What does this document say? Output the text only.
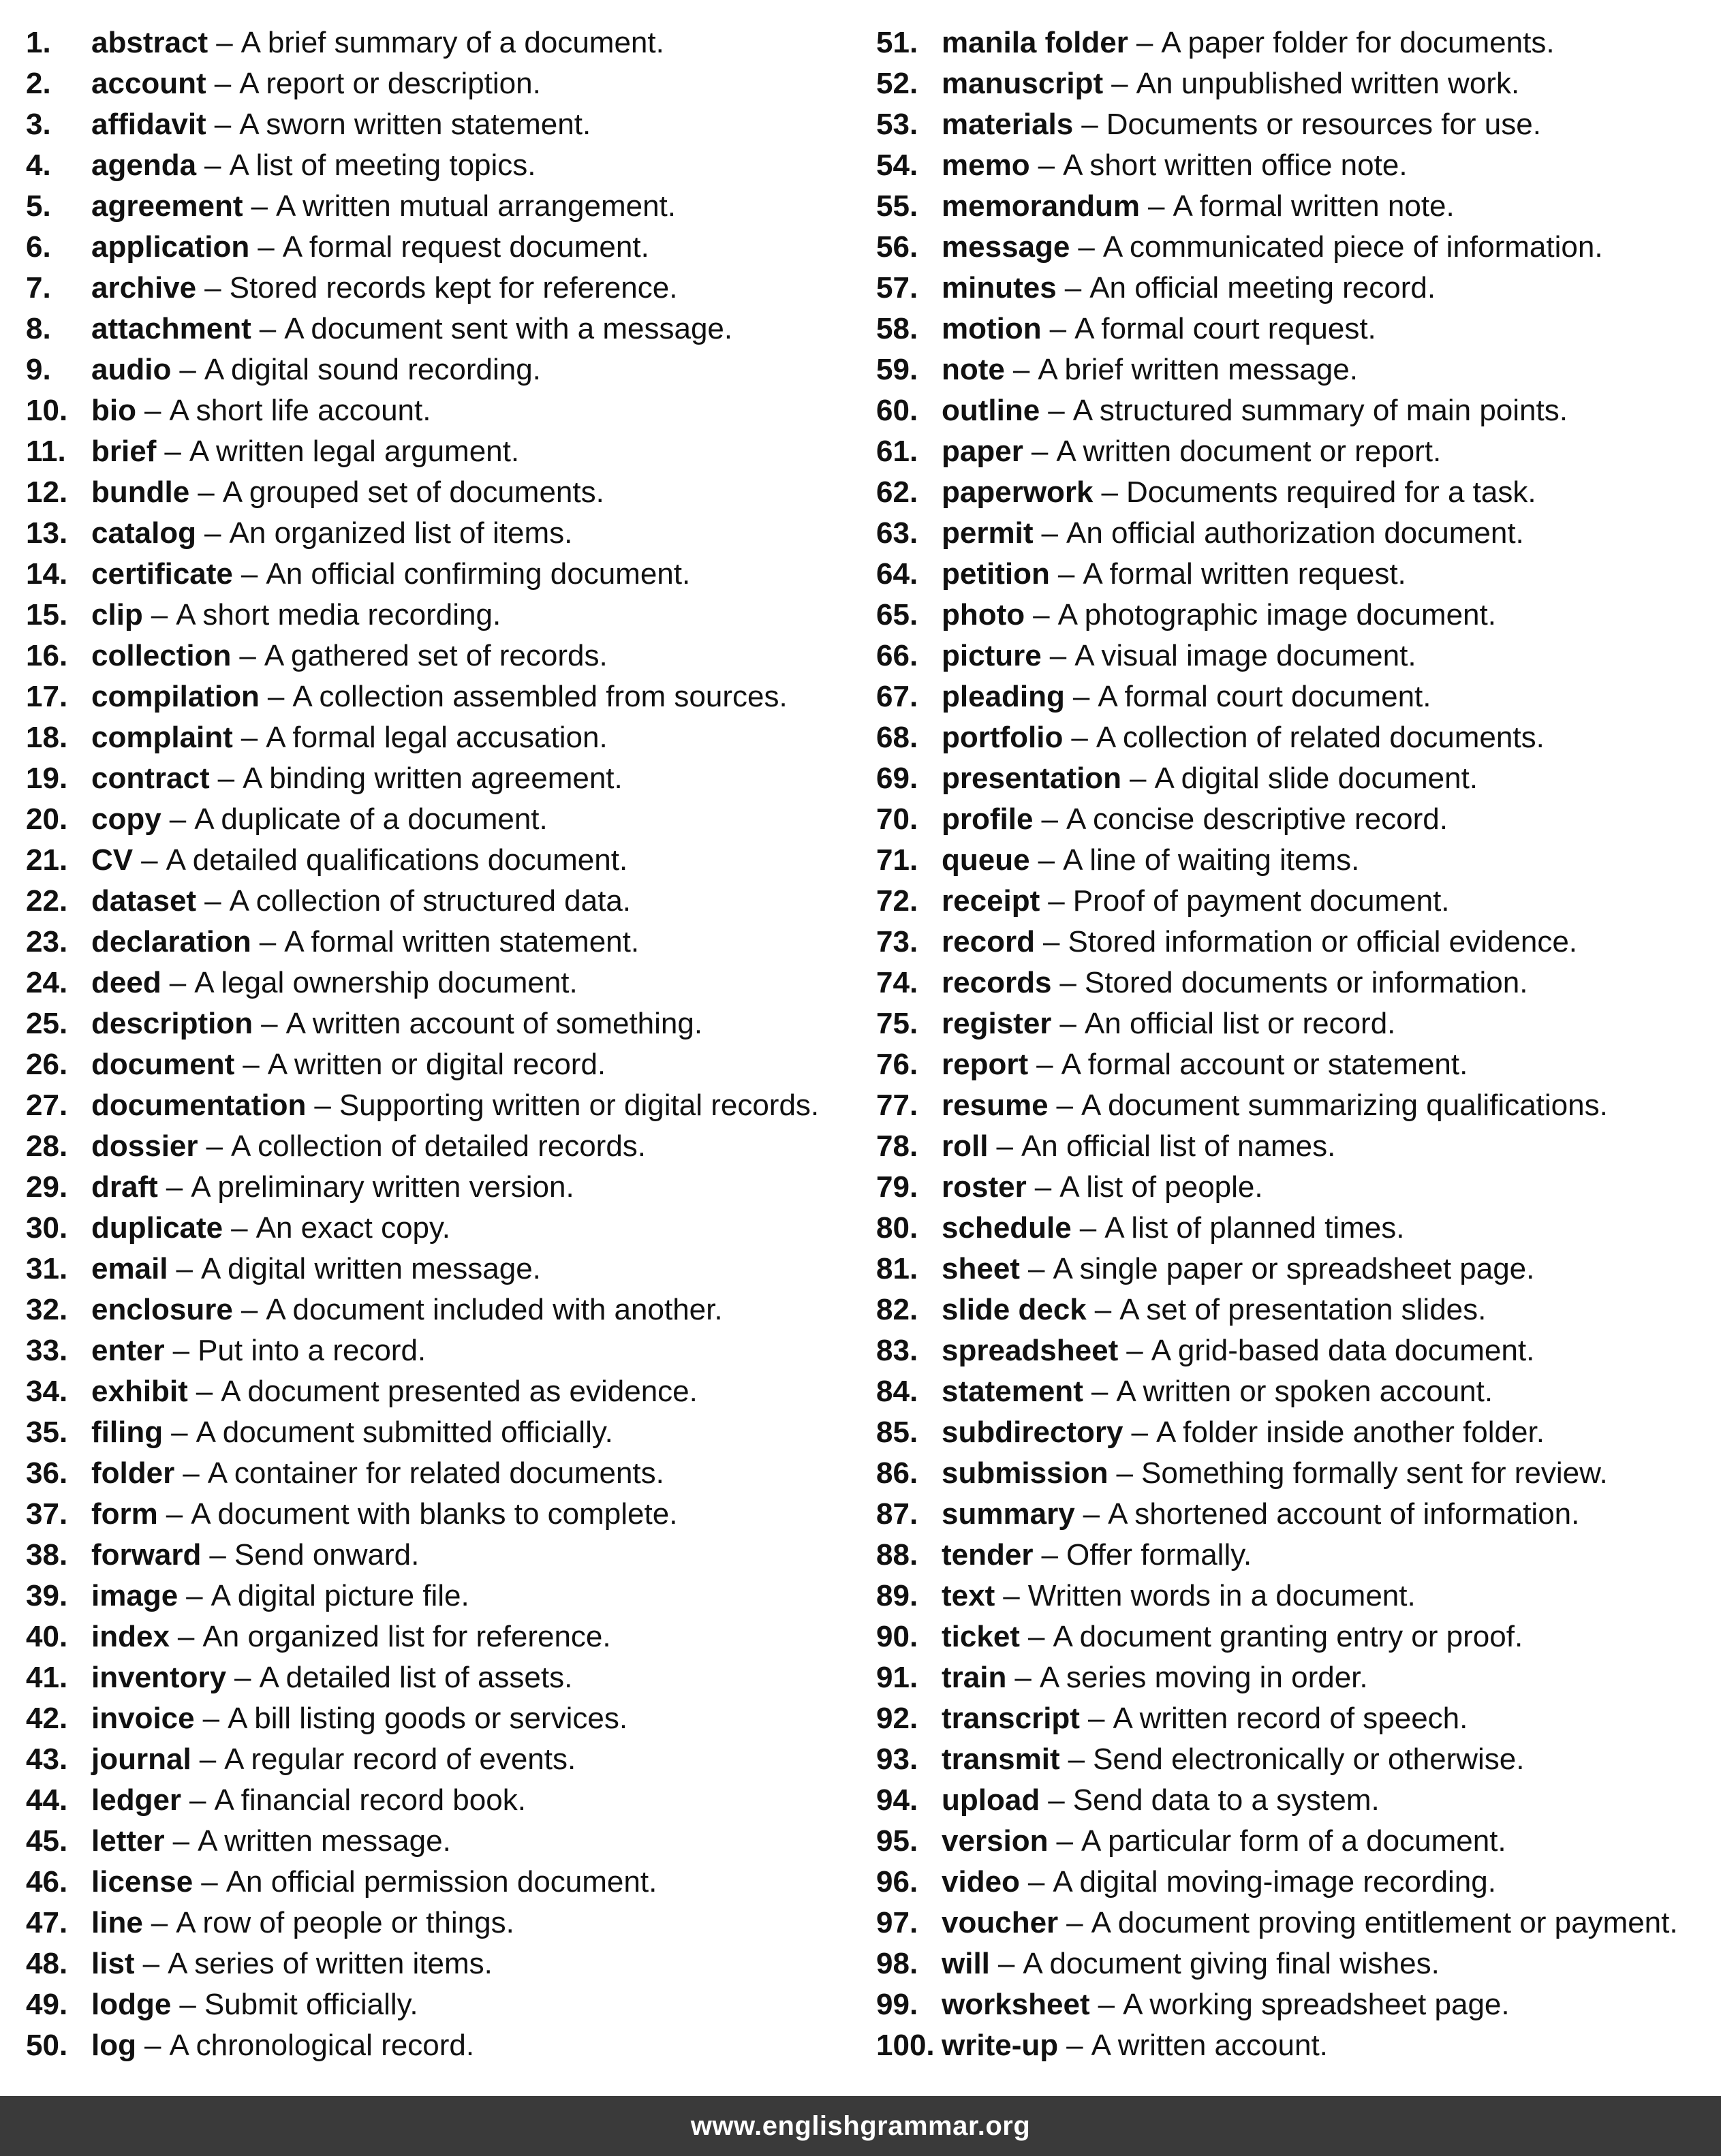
1.	abstract – A brief summary of a document.
2.	account – A report or description.
3.	affidavit – A sworn written statement.
4.	agenda – A list of meeting topics.
5.	agreement – A written mutual arrangement.
6.	application – A formal request document.
7.	archive – Stored records kept for reference.
8.	attachment – A document sent with a message.
9.	audio – A digital sound recording.
10. bio – A short life account.
11. brief – A written legal argument.
12. bundle – A grouped set of documents.
13. catalog – An organized list of items.
14. certificate – An official confirming document.
15. clip – A short media recording.
16. collection – A gathered set of records.
17. compilation – A collection assembled from sources.
18. complaint – A formal legal accusation.
19. contract – A binding written agreement.
20. copy – A duplicate of a document.
21. CV – A detailed qualifications document.
22. dataset – A collection of structured data.
23. declaration – A formal written statement.
24. deed – A legal ownership document.
25. description – A written account of something.
26. document – A written or digital record.
27. documentation – Supporting written or digital records.
28. dossier – A collection of detailed records.
29. draft – A preliminary written version.
30. duplicate – An exact copy.
31. email – A digital written message.
32. enclosure – A document included with another.
33. enter – Put into a record.
34. exhibit – A document presented as evidence.
35. filing – A document submitted officially.
36. folder – A container for related documents.
37. form – A document with blanks to complete.
38. forward – Send onward.
39. image – A digital picture file.
40. index – An organized list for reference.
41. inventory – A detailed list of assets.
42. invoice – A bill listing goods or services.
43. journal – A regular record of events.
44. ledger – A financial record book.
45. letter – A written message.
46. license – An official permission document.
47. line – A row of people or things.
48. list – A series of written items.
49. lodge – Submit officially.
50. log – A chronological record.
51. manila folder – A paper folder for documents.
52. manuscript – An unpublished written work.
53. materials – Documents or resources for use.
54. memo – A short written office note.
55. memorandum – A formal written note.
56. message – A communicated piece of information.
57. minutes – An official meeting record.
58. motion – A formal court request.
59. note – A brief written message.
60. outline – A structured summary of main points.
61. paper – A written document or report.
62. paperwork – Documents required for a task.
63. permit – An official authorization document.
64. petition – A formal written request.
65. photo – A photographic image document.
66. picture – A visual image document.
67. pleading – A formal court document.
68. portfolio – A collection of related documents.
69. presentation – A digital slide document.
70. profile – A concise descriptive record.
71. queue – A line of waiting items.
72. receipt – Proof of payment document.
73. record – Stored information or official evidence.
74. records – Stored documents or information.
75. register – An official list or record.
76. report – A formal account or statement.
77. resume – A document summarizing qualifications.
78. roll – An official list of names.
79. roster – A list of people.
80. schedule – A list of planned times.
81. sheet – A single paper or spreadsheet page.
82. slide deck – A set of presentation slides.
83. spreadsheet – A grid-based data document.
84. statement – A written or spoken account.
85. subdirectory – A folder inside another folder.
86. submission – Something formally sent for review.
87. summary – A shortened account of information.
88. tender – Offer formally.
89. text – Written words in a document.
90. ticket – A document granting entry or proof.
91. train – A series moving in order.
92. transcript – A written record of speech.
93. transmit – Send electronically or otherwise.
94. upload – Send data to a system.
95. version – A particular form of a document.
96. video – A digital moving-image recording.
97. voucher – A document proving entitlement or payment.
98. will – A document giving final wishes.
99. worksheet – A working spreadsheet page.
100. write-up – A written account.
www.englishgrammar.org
